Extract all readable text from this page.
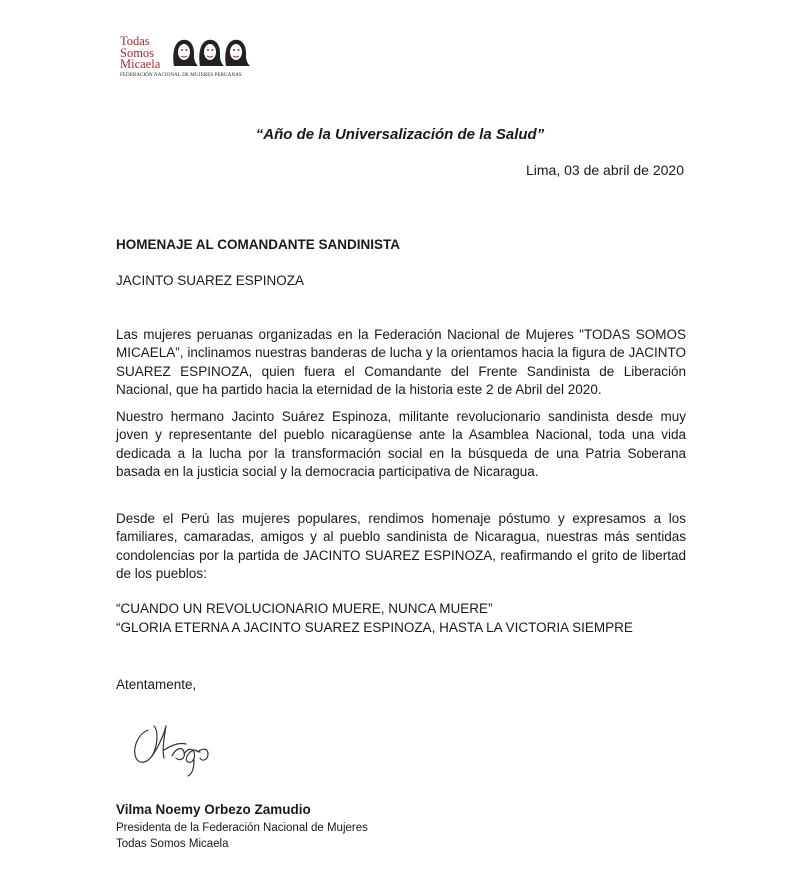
Todas
Somos
Micaela
FEDERACIÓN NACIONAL DE MUJERES PERUANAS
“Año de la Universalización de la Salud”
Lima, 03 de abril de 2020
HOMENAJE AL COMANDANTE SANDINISTA
JACINTO SUAREZ ESPINOZA

Las mujeres peruanas organizadas en la Federación Nacional de Mujeres "TODAS SOMOS MICAELA”, inclinamos nuestras banderas de lucha y la orientamos hacia la figura de JACINTO SUAREZ ESPINOZA, quien fuera el Comandante del Frente Sandinista de Liberación Nacional, que ha partido hacia la eternidad de la historia este 2 de Abril del 2020.

Nuestro hermano Jacinto Suárez Espinoza, militante revolucionario sandinista desde muy joven y representante del pueblo nicaragüense ante la Asamblea Nacional, toda una vida dedicada a la lucha por la transformación social en la búsqueda de una Patria Soberana basada en la justicia social y la democracia participativa de Nicaragua.

Desde el Perú las mujeres populares, rendimos homenaje póstumo y expresamos a los familiares, camaradas, amigos y al pueblo sandinista de Nicaragua, nuestras más sentidas condolencias por la partida de JACINTO SUAREZ ESPINOZA, reafirmando el grito de libertad de los pueblos:

“CUANDO UN REVOLUCIONARIO MUERE, NUNCA MUERE”
“GLORIA ETERNA A JACINTO SUAREZ ESPINOZA, HASTA LA VICTORIA SIEMPRE
Atentamente,
Vilma Noemy Orbezo Zamudio
Presidenta de la Federación Nacional de Mujeres
Todas Somos Micaela
